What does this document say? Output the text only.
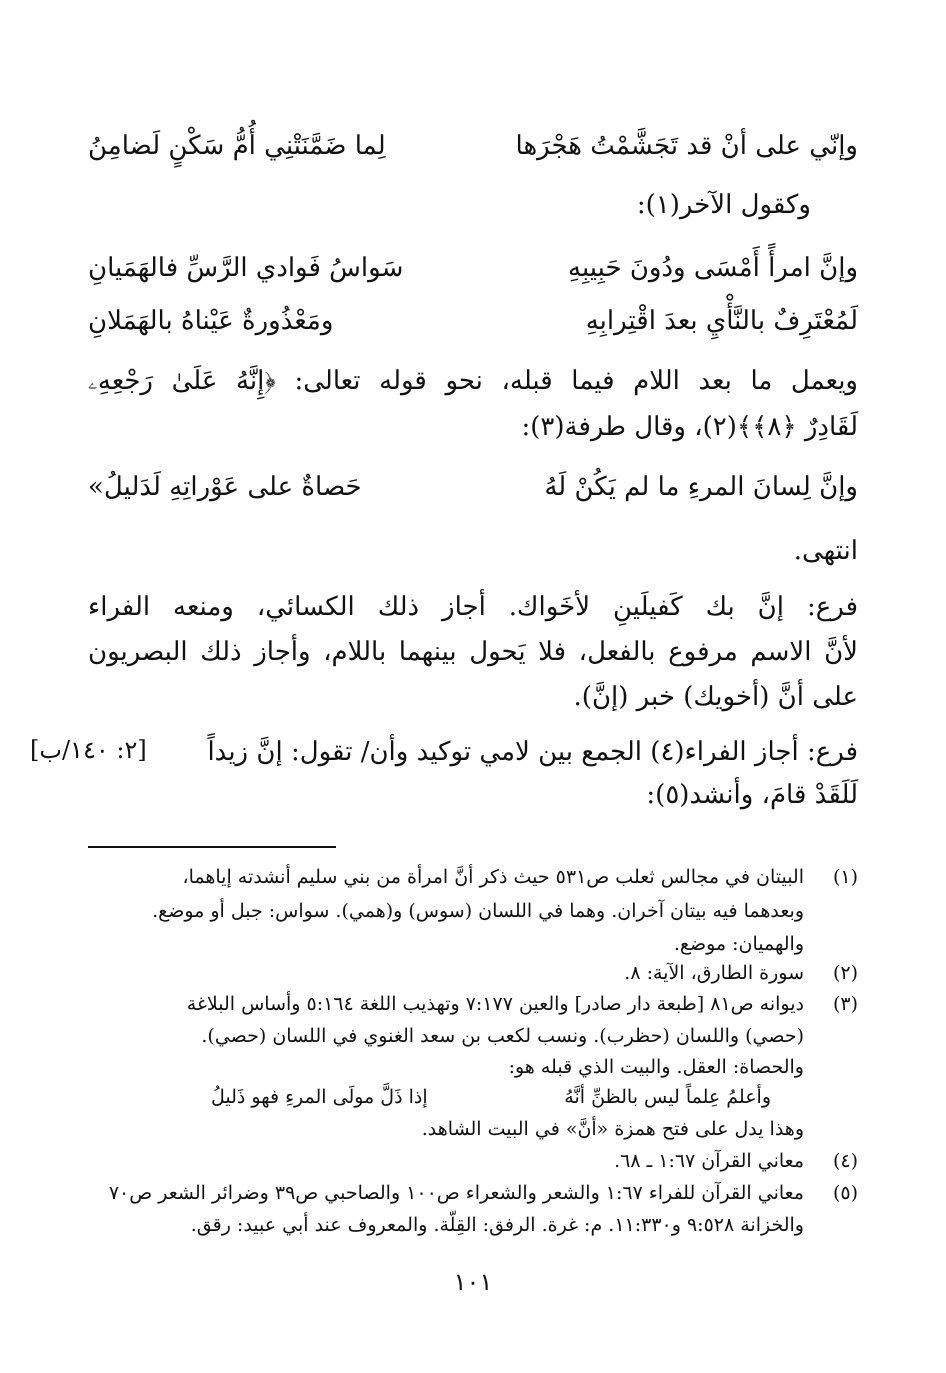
وإنّي على أنْ قد تَجَشَّمْتُ هَجْرَها
لِما ضَمَّنَتْنِي أُمُّ سَكْنٍ لَضامِنُ
وكقول الآخر(١):
وإنَّ امرأً أَمْسَى ودُونَ حَبِيبِهِ
سَواسُ فَوادي الرَّسِّ فالهَمَيانِ
لَمُعْتَرِفٌ بالنَّأْيِ بعدَ اقْتِرابِهِ
ومَعْذُورةٌ عَيْناهُ بالهَمَلانِ
ويعمل ما بعد اللام فيما قبله، نحو قوله تعالى: ﴿إِنَّهُ عَلَىٰ رَجْعِهِۦ
لَقَادِرٌ ﴿٨﴾﴾(٢)، وقال طرفة(٣):
وإنَّ لِسانَ المرءِ ما لم يَكُنْ لَهُ
حَصاةٌ على عَوْراتِهِ لَدَليلُ»
انتهى.
فرع: إنَّ بك كَفيلَينِ لأخَواك. أجاز ذلك الكسائي، ومنعه الفراء
لأنَّ الاسم مرفوع بالفعل، فلا يَحول بينهما باللام، وأجاز ذلك البصريون
على أنَّ (أخويك) خبر (إنَّ).
فرع: أجاز الفراء(٤) الجمع بين لامي توكيد وأن/ تقول: إنَّ زيداً
[٢: ١٤٠/ب]
لَلَقَدْ قامَ، وأنشد(٥):
(١)
البيتان في مجالس ثعلب ص٥٣١ حيث ذكر أنَّ امرأة من بني سليم أنشدته إياهما،
وبعدهما فيه بيتان آخران. وهما في اللسان (سوس) و(همي). سواس: جبل أو موضع.
والهميان: موضع.
(٢)
سورة الطارق، الآية: ٨.
(٣)
ديوانه ص٨١ [طبعة دار صادر] والعين ٧:١٧٧ وتهذيب اللغة ٥:١٦٤ وأساس البلاغة
(حصي) واللسان (حظرب). ونسب لكعب بن سعد الغنوي في اللسان (حصي).
والحصاة: العقل. والبيت الذي قبله هو:
وأعلمُ عِلماً ليس بالظنِّ أنَّهُ
إذا ذَلَّ مولَى المرءِ فهو ذَليلُ
وهذا يدل على فتح همزة «أنَّ» في البيت الشاهد.
(٤)
معاني القرآن ١:٦٧ ـ ٦٨.
(٥)
معاني القرآن للفراء ١:٦٧ والشعر والشعراء ص١٠٠ والصاحبي ص٣٩ وضرائر الشعر ص٧٠
والخزانة ٩:٥٢٨ و١١:٣٣٠. م: غرة. الرفق: القِلّة. والمعروف عند أبي عبيد: رقق.
١٠١
